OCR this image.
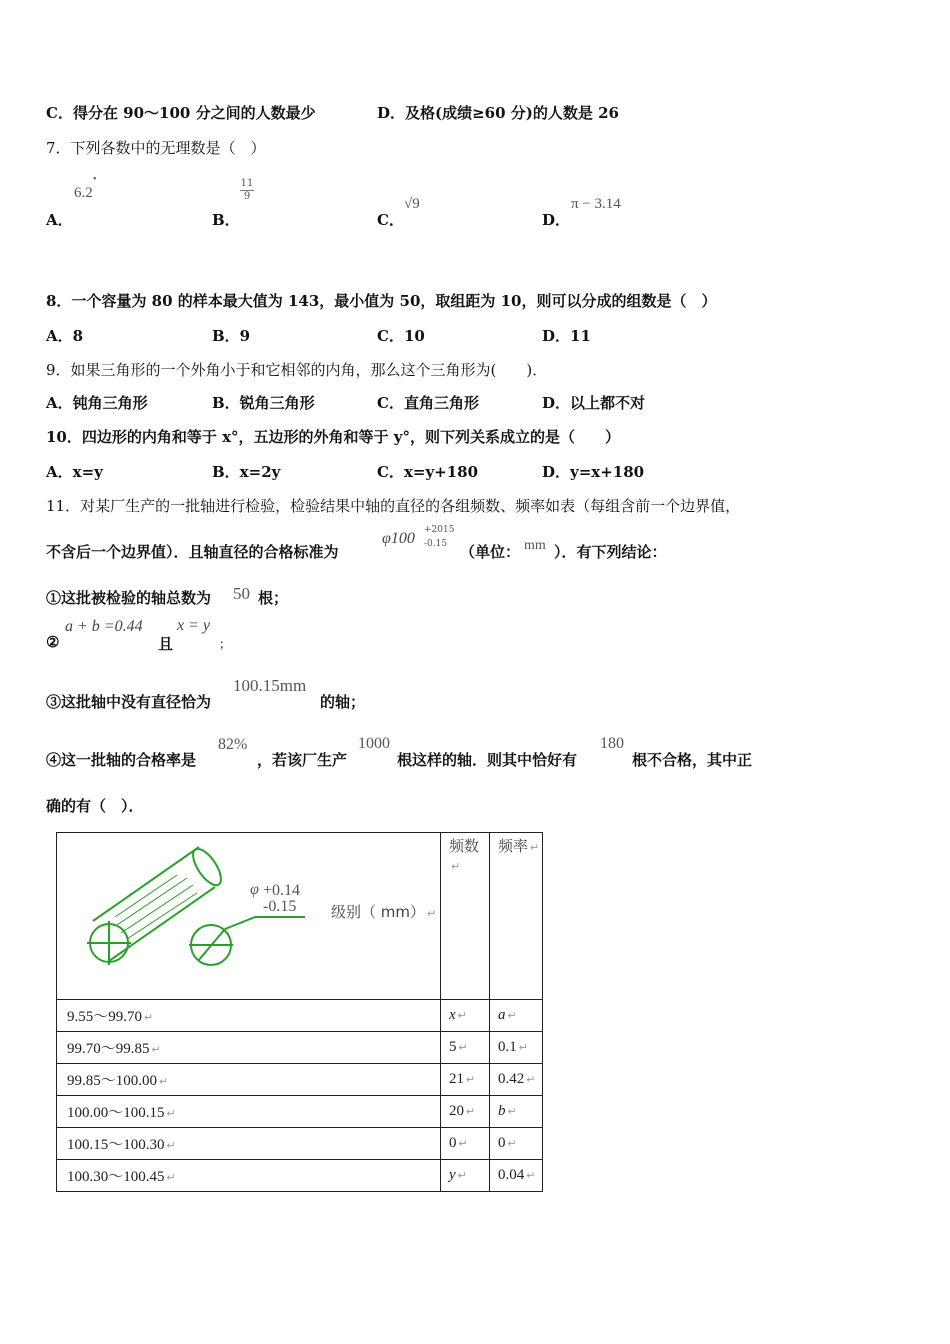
C．得分在 90～100 分之间的人数最少	D．及格(成绩≥60 分)的人数是 26
7．下列各数中的无理数是（　）
A．
6.2
•
B．
11
9
C．
√9
D．
π − 3.14
8．一个容量为 80 的样本最大值为 143，最小值为 50，取组距为 10，则可以分成的组数是（　）
A．8	B．9	C．10	D．11
9．如果三角形的一个外角小于和它相邻的内角，那么这个三角形为(　　)．
A．钝角三角形	B．锐角三角形	C．直角三角形	D．以上都不对
10．四边形的内角和等于 x°，五边形的外角和等于 y°，则下列关系成立的是（　　）
A．x=y	B．x=2y	C．x=y+180	D．y=x+180
11．对某厂生产的一批轴进行检验，检验结果中轴的直径的各组频数、频率如表（每组含前一个边界值，
不含后一个边界值）．且轴直径的合格标准为
φ100 +2015
-0.15 （单位： mm ）．有下列结论：
①这批被检验的轴总数为 50 根；
②
a + b =0.44
且
x = y
；
③这批轴中没有直径恰为
100.15mm
的轴；
④这一批轴的合格率是
82%
，若该厂生产
1000
根这样的轴．则其中恰好有
180
根不合格，其中正
确的有（　）．
φ +0.14
-0.15 级别（ mm） ↵	频数↵	频率 ↵
9.55～99.70 ↵	x ↵	a ↵
99.70～99.85 ↵	5 ↵	0.1 ↵
99.85～100.00 ↵	21 ↵	0.42 ↵
100.00～100.15 ↵	20 ↵	b ↵
100.15～100.30 ↵	0 ↵	0 ↵
100.30～100.45 ↵	y ↵	0.04 ↵
